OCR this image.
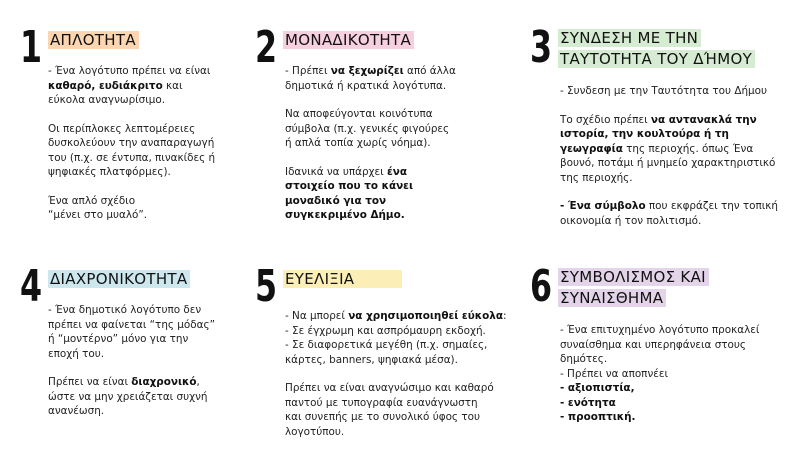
1 ΑΠΛΟΤΗΤΑ

- Ένα λογότυπο πρέπει να είναι
καθαρό, ευδιάκριτο και
εύκολα αναγνωρίσιμο.

Οι περίπλοκες λεπτομέρειες
δυσκολεύουν την αναπαραγωγή
του (π.χ. σε έντυπα, πινακίδες ή
ψηφιακές πλατφόρμες).

Ένα απλό σχέδιο
“μένει στο μυαλό”.

2 ΜΟΝΑΔΙΚΟΤΗΤΑ

- Πρέπει να ξεχωρίζει από άλλα
δημοτικά ή κρατικά λογότυπα.

Να αποφεύγονται κοινότυπα
σύμβολα (π.χ. γενικές φιγούρες
ή απλά τοπία χωρίς νόημα).

Ιδανικά να υπάρχει ένα
στοιχείο που το κάνει
μοναδικό για τον
συγκεκριμένο Δήμο.

3 ΣΥΝΔΕΣΗ ΜΕ ΤΗΝ
ΤΑΥΤΟΤΗΤΑ ΤΟΥ ΔΉΜΟΥ

- Συνδεση με την Ταυτότητα του Δήμου

Το σχέδιο πρέπει να αντανακλά την
ιστορία, την κουλτούρα ή τη
γεωγραφία της περιοχής. όπως Ένα
βουνό, ποτάμι ή μνημείο χαρακτηριστικό
της περιοχής.

- Ένα σύμβολο που εκφράζει την τοπική
οικονομία ή τον πολιτισμό.

4 ΔΙΑΧΡΟΝΙΚΟΤΗΤΑ

- Ένα δημοτικό λογότυπο δεν
πρέπει να φαίνεται “της μόδας”
ή “μοντέρνο” μόνο για την
εποχή του.

Πρέπει να είναι διαχρονικό,
ώστε να μην χρειάζεται συχνή
ανανέωση.

5 ΕΥΕΛΙΞΙΑ

- Να μπορεί να χρησιμοποιηθεί εύκολα:
- Σε έγχρωμη και ασπρόμαυρη εκδοχή.
- Σε διαφορετικά μεγέθη (π.χ. σημαίες,
κάρτες, banners, ψηφιακά μέσα).

Πρέπει να είναι αναγνώσιμο και καθαρό
παντού με τυπογραφία ευανάγνωστη
και συνεπής με το συνολικό ύφος του
λογοτύπου.

6 ΣΥΜΒΟΛΙΣΜΟΣ ΚΑΙ
ΣΥΝΑΙΣΘΗΜΑ

- Ένα επιτυχημένο λογότυπο προκαλεί
συναίσθημα και υπερηφάνεια στους
δημότες.
- Πρέπει να αποπνέει
- αξιοπιστία,
- ενότητα
- προοπτική.
